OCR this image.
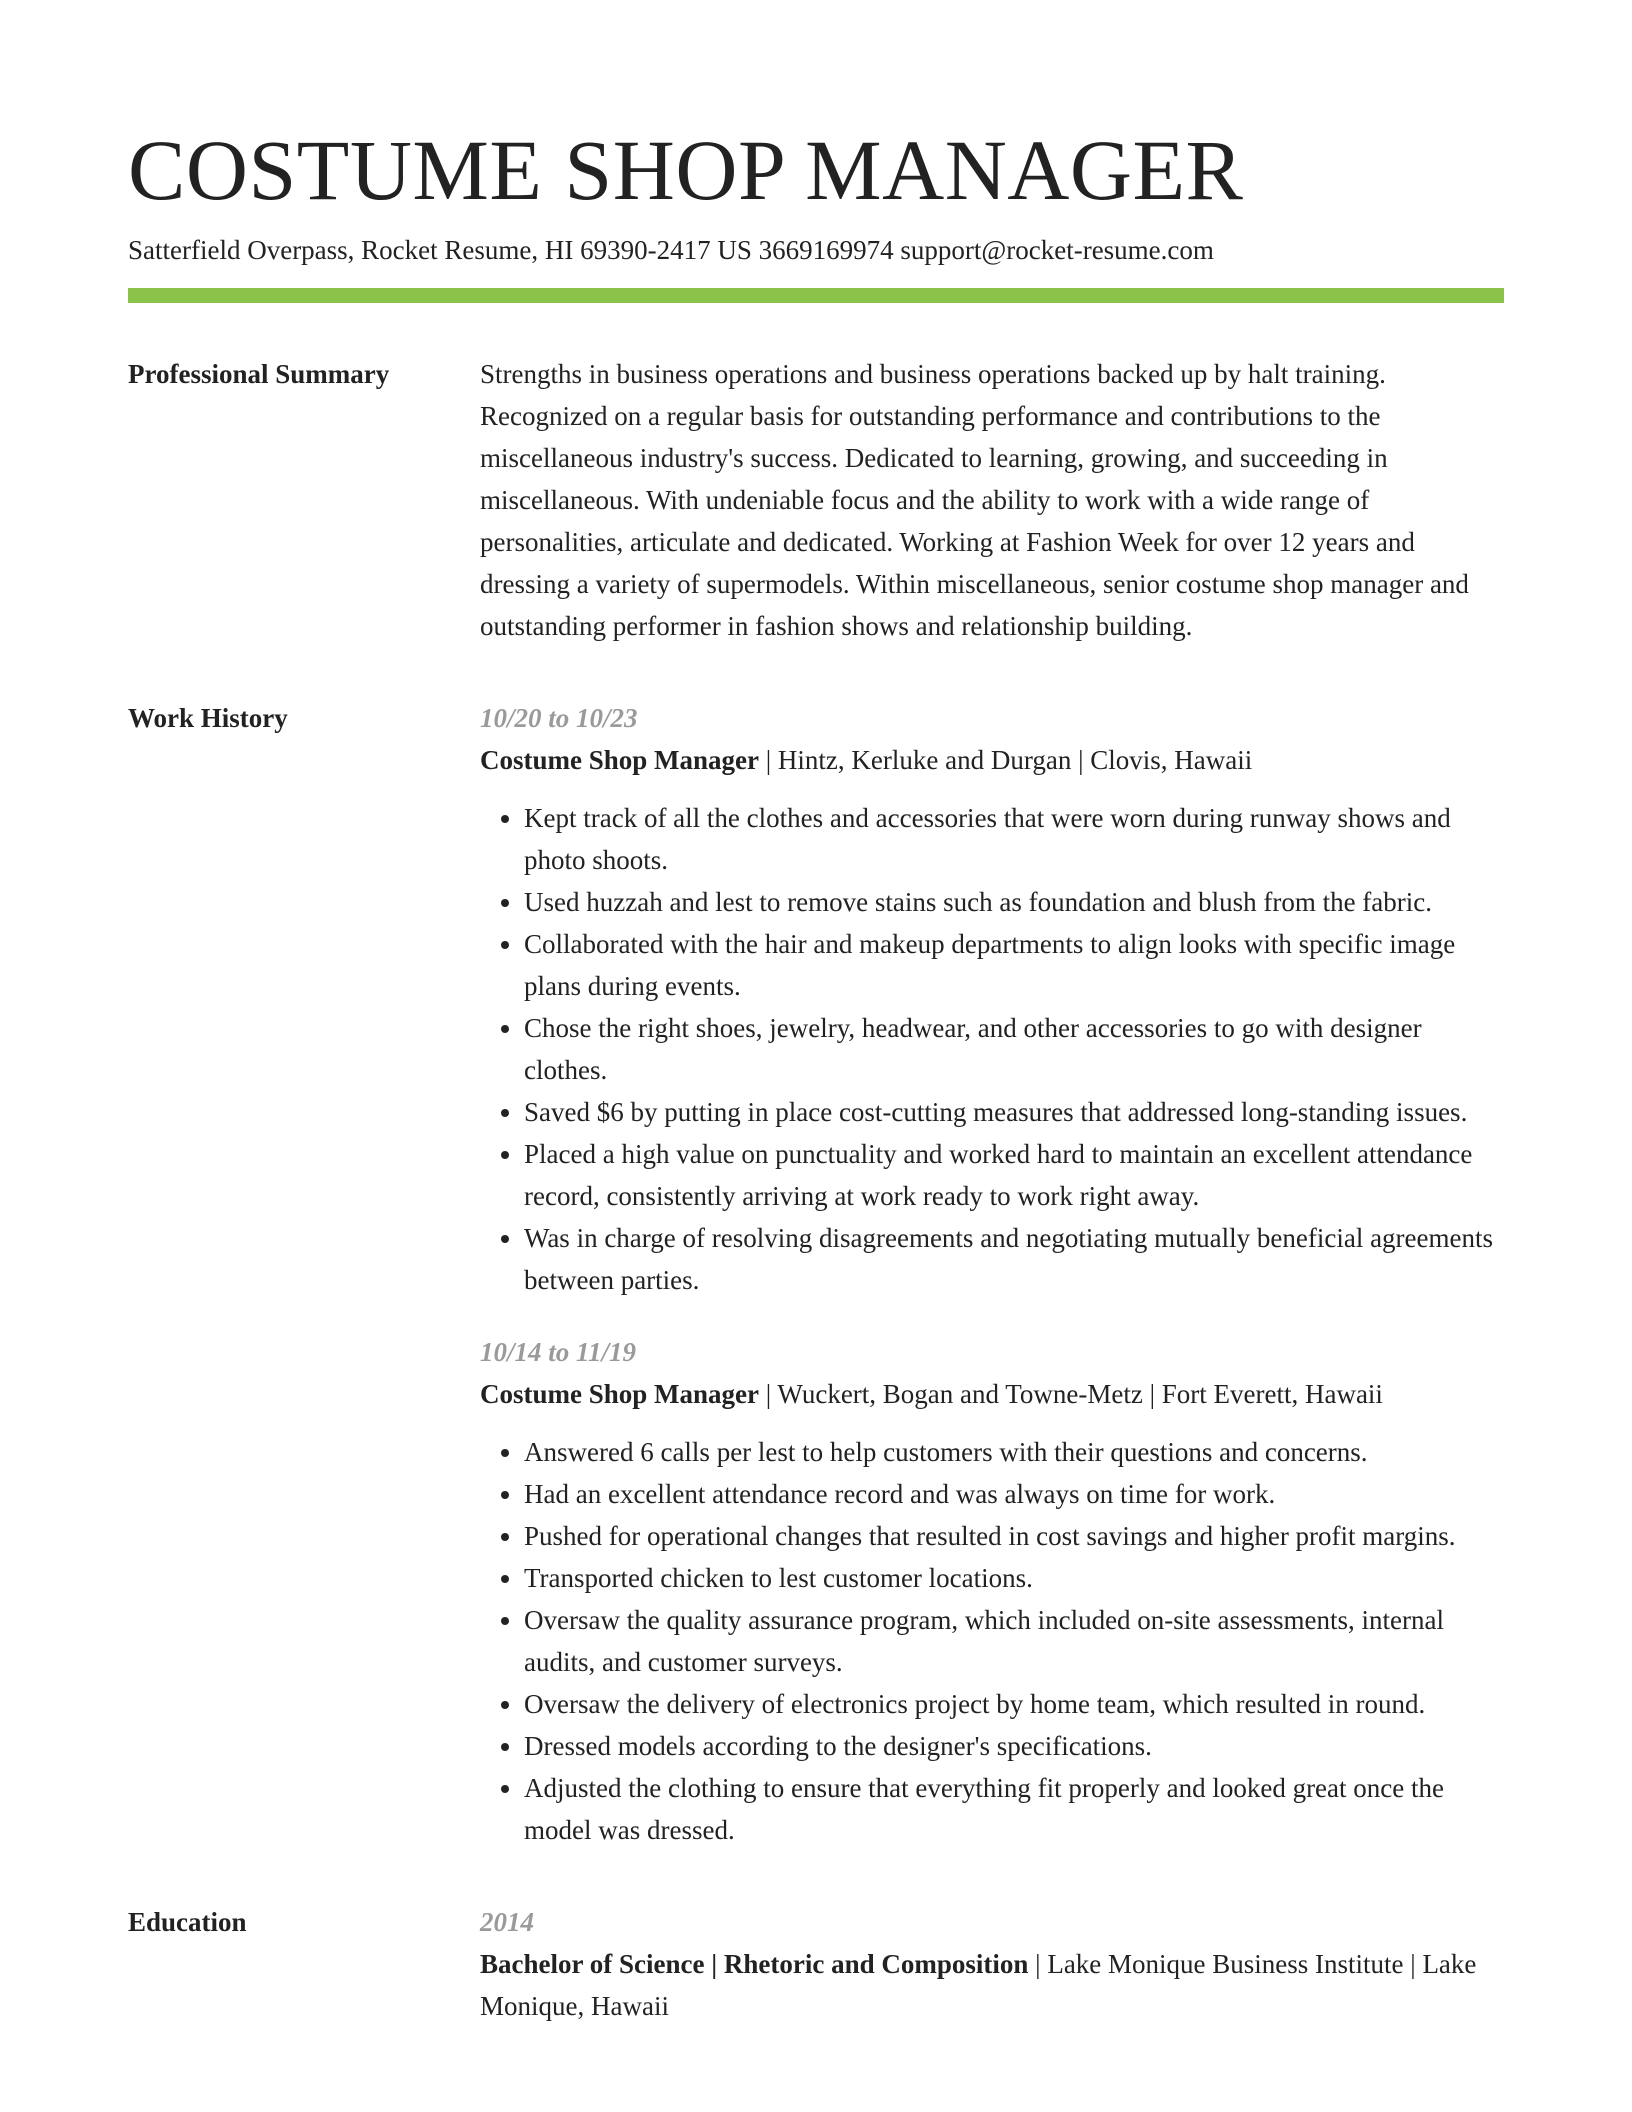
COSTUME SHOP MANAGER
Satterfield Overpass, Rocket Resume, HI 69390-2417 US 3669169974 support@rocket-resume.com
Professional Summary	Strengths in business operations and business operations backed up by halt training. Recognized on a regular basis for outstanding performance and contributions to the miscellaneous industry's success. Dedicated to learning, growing, and succeeding in miscellaneous. With undeniable focus and the ability to work with a wide range of personalities, articulate and dedicated. Working at Fashion Week for over 12 years and dressing a variety of supermodels. Within miscellaneous, senior costume shop manager and outstanding performer in fashion shows and relationship building.

Work History	10/20 to 10/23

Costume Shop Manager | Hintz, Kerluke and Durgan | Clovis, Hawaii

• Kept track of all the clothes and accessories that were worn during runway shows and photo shoots.
• Used huzzah and lest to remove stains such as foundation and blush from the fabric.
• Collaborated with the hair and makeup departments to align looks with specific image plans during events.
• Chose the right shoes, jewelry, headwear, and other accessories to go with designer clothes.
• Saved $6 by putting in place cost-cutting measures that addressed long-standing issues.
• Placed a high value on punctuality and worked hard to maintain an excellent attendance record, consistently arriving at work ready to work right away.
• Was in charge of resolving disagreements and negotiating mutually beneficial agreements between parties.
10/14 to 11/19

Costume Shop Manager | Wuckert, Bogan and Towne-Metz | Fort Everett, Hawaii

• Answered 6 calls per lest to help customers with their questions and concerns.
• Had an excellent attendance record and was always on time for work.
• Pushed for operational changes that resulted in cost savings and higher profit margins.
• Transported chicken to lest customer locations.
• Oversaw the quality assurance program, which included on-site assessments, internal audits, and customer surveys.
• Oversaw the delivery of electronics project by home team, which resulted in round.
• Dressed models according to the designer's specifications.
• Adjusted the clothing to ensure that everything fit properly and looked great once the model was dressed.
Education	2014

Bachelor of Science | Rhetoric and Composition | Lake Monique Business Institute | Lake Monique, Hawaii
